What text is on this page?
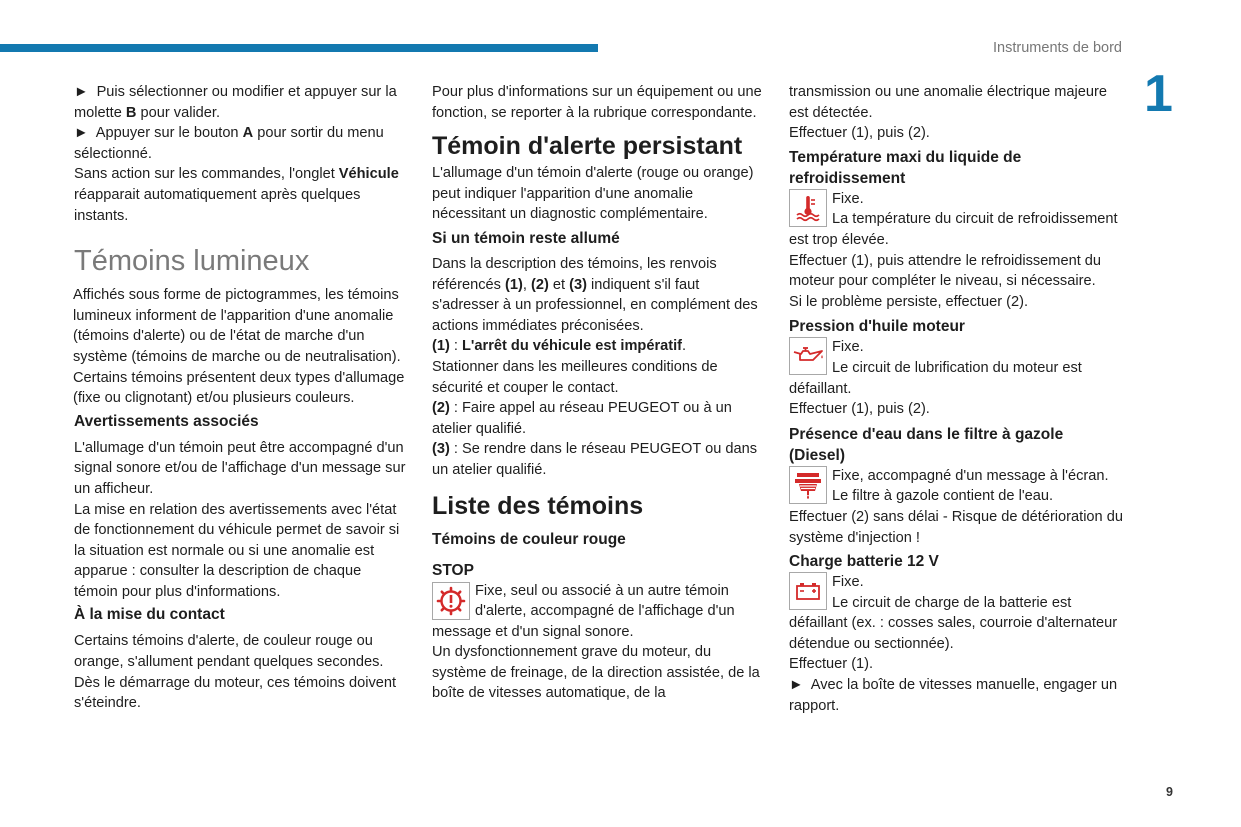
Instruments de bord
1

► Puis sélectionner ou modifier et appuyer sur la molette B pour valider.

► Appuyer sur le bouton A pour sortir du menu sélectionné.

Sans action sur les commandes, l'onglet Véhicule réapparait automatiquement après quelques instants.

Témoins lumineux

Affichés sous forme de pictogrammes, les témoins lumineux informent de l'apparition d'une anomalie (témoins d'alerte) ou de l'état de marche d'un système (témoins de marche ou de neutralisation). Certains témoins présentent deux types d'allumage (fixe ou clignotant) et/ou plusieurs couleurs.

Avertissements associés

L'allumage d'un témoin peut être accompagné d'un signal sonore et/ou de l'affichage d'un message sur un afficheur.
La mise en relation des avertissements avec l'état de fonctionnement du véhicule permet de savoir si la situation est normale ou si une anomalie est apparue : consulter la description de chaque témoin pour plus d'informations.

À la mise du contact

Certains témoins d'alerte, de couleur rouge ou orange, s'allument pendant quelques secondes. Dès le démarrage du moteur, ces témoins doivent s'éteindre.

Pour plus d'informations sur un équipement ou une fonction, se reporter à la rubrique correspondante.

Témoin d'alerte persistant

L'allumage d'un témoin d'alerte (rouge ou orange) peut indiquer l'apparition d'une anomalie nécessitant un diagnostic complémentaire.

Si un témoin reste allumé

Dans la description des témoins, les renvois référencés (1), (2) et (3) indiquent s'il faut s'adresser à un professionnel, en complément des actions immédiates préconisées.

(1) : L'arrêt du véhicule est impératif.
Stationner dans les meilleures conditions de sécurité et couper le contact.

(2) : Faire appel au réseau PEUGEOT ou à un atelier qualifié.

(3) : Se rendre dans le réseau PEUGEOT ou dans un atelier qualifié.

Liste des témoins
Témoins de couleur rouge
STOP

Fixe, seul ou associé à un autre témoin d'alerte, accompagné de l'affichage d'un message et d'un signal sonore.
Un dysfonctionnement grave du moteur, du système de freinage, de la direction assistée, de la boîte de vitesses automatique, de la

transmission ou une anomalie électrique majeure est détectée.
Effectuer (1), puis (2).

Température maxi du liquide de refroidissement

Fixe.
La température du circuit de refroidissement est trop élevée.
Effectuer (1), puis attendre le refroidissement du moteur pour compléter le niveau, si nécessaire.
Si le problème persiste, effectuer (2).

Pression d'huile moteur

Fixe.
Le circuit de lubrification du moteur est défaillant.
Effectuer (1), puis (2).

Présence d'eau dans le filtre à gazole (Diesel)

Fixe, accompagné d'un message à l'écran.
Le filtre à gazole contient de l'eau.
Effectuer (2) sans délai - Risque de détérioration du système d'injection !

Charge batterie 12 V

Fixe.
Le circuit de charge de la batterie est défaillant (ex. : cosses sales, courroie d'alternateur détendue ou sectionnée).
Effectuer (1).

► Avec la boîte de vitesses manuelle, engager un rapport.

9
